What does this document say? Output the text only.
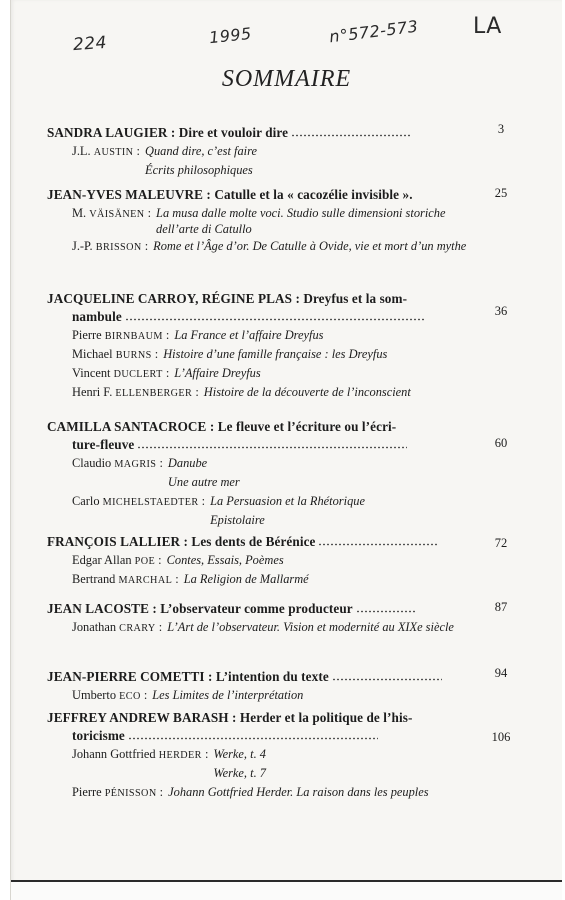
224	1995	n°572-573 LA
SOMMAIRE
SANDRA LAUGIER : Dire et vouloir dire
J.L. AUSTIN : Quand dire, c’est faire
Écrits philosophiques
3
JEAN-YVES MALEUVRE : Catulle et la « cacozélie invisible ».
M. VÄISÄNEN : La musa dalle molte voci. Studio sulle dimensioni storiche dell’arte di Catullo
J.-P. BRISSON : Rome et l’Âge d’or. De Catulle à Ovide, vie et mort d’un mythe
25
JACQUELINE CARROY, RÉGINE PLAS : Dreyfus et la som-
nambule
Pierre BIRNBAUM : La France et l’affaire Dreyfus
Michael BURNS : Histoire d’une famille française : les Dreyfus
Vincent DUCLERT : L’Affaire Dreyfus
Henri F. ELLENBERGER : Histoire de la découverte de l’inconscient
36
CAMILLA SANTACROCE : Le fleuve et l’écriture ou l’écri-
ture-fleuve
Claudio MAGRIS : Danube
Une autre mer
Carlo MICHELSTAEDTER : La Persuasion et la Rhétorique
Epistolaire
60
FRANÇOIS LALLIER : Les dents de Bérénice
Edgar Allan POE : Contes, Essais, Poèmes
Bertrand MARCHAL : La Religion de Mallarmé
72
JEAN LACOSTE : L’observateur comme producteur
Jonathan CRARY : L’Art de l’observateur. Vision et modernité au XIXe siècle
87
JEAN-PIERRE COMETTI : L’intention du texte
Umberto ECO : Les Limites de l’interprétation
94
JEFFREY ANDREW BARASH : Herder et la politique de l’his-
toricisme
Johann Gottfried HERDER : Werke, t. 4
Werke, t. 7
Pierre PÉNISSON : Johann Gottfried Herder. La raison dans les peuples
106
